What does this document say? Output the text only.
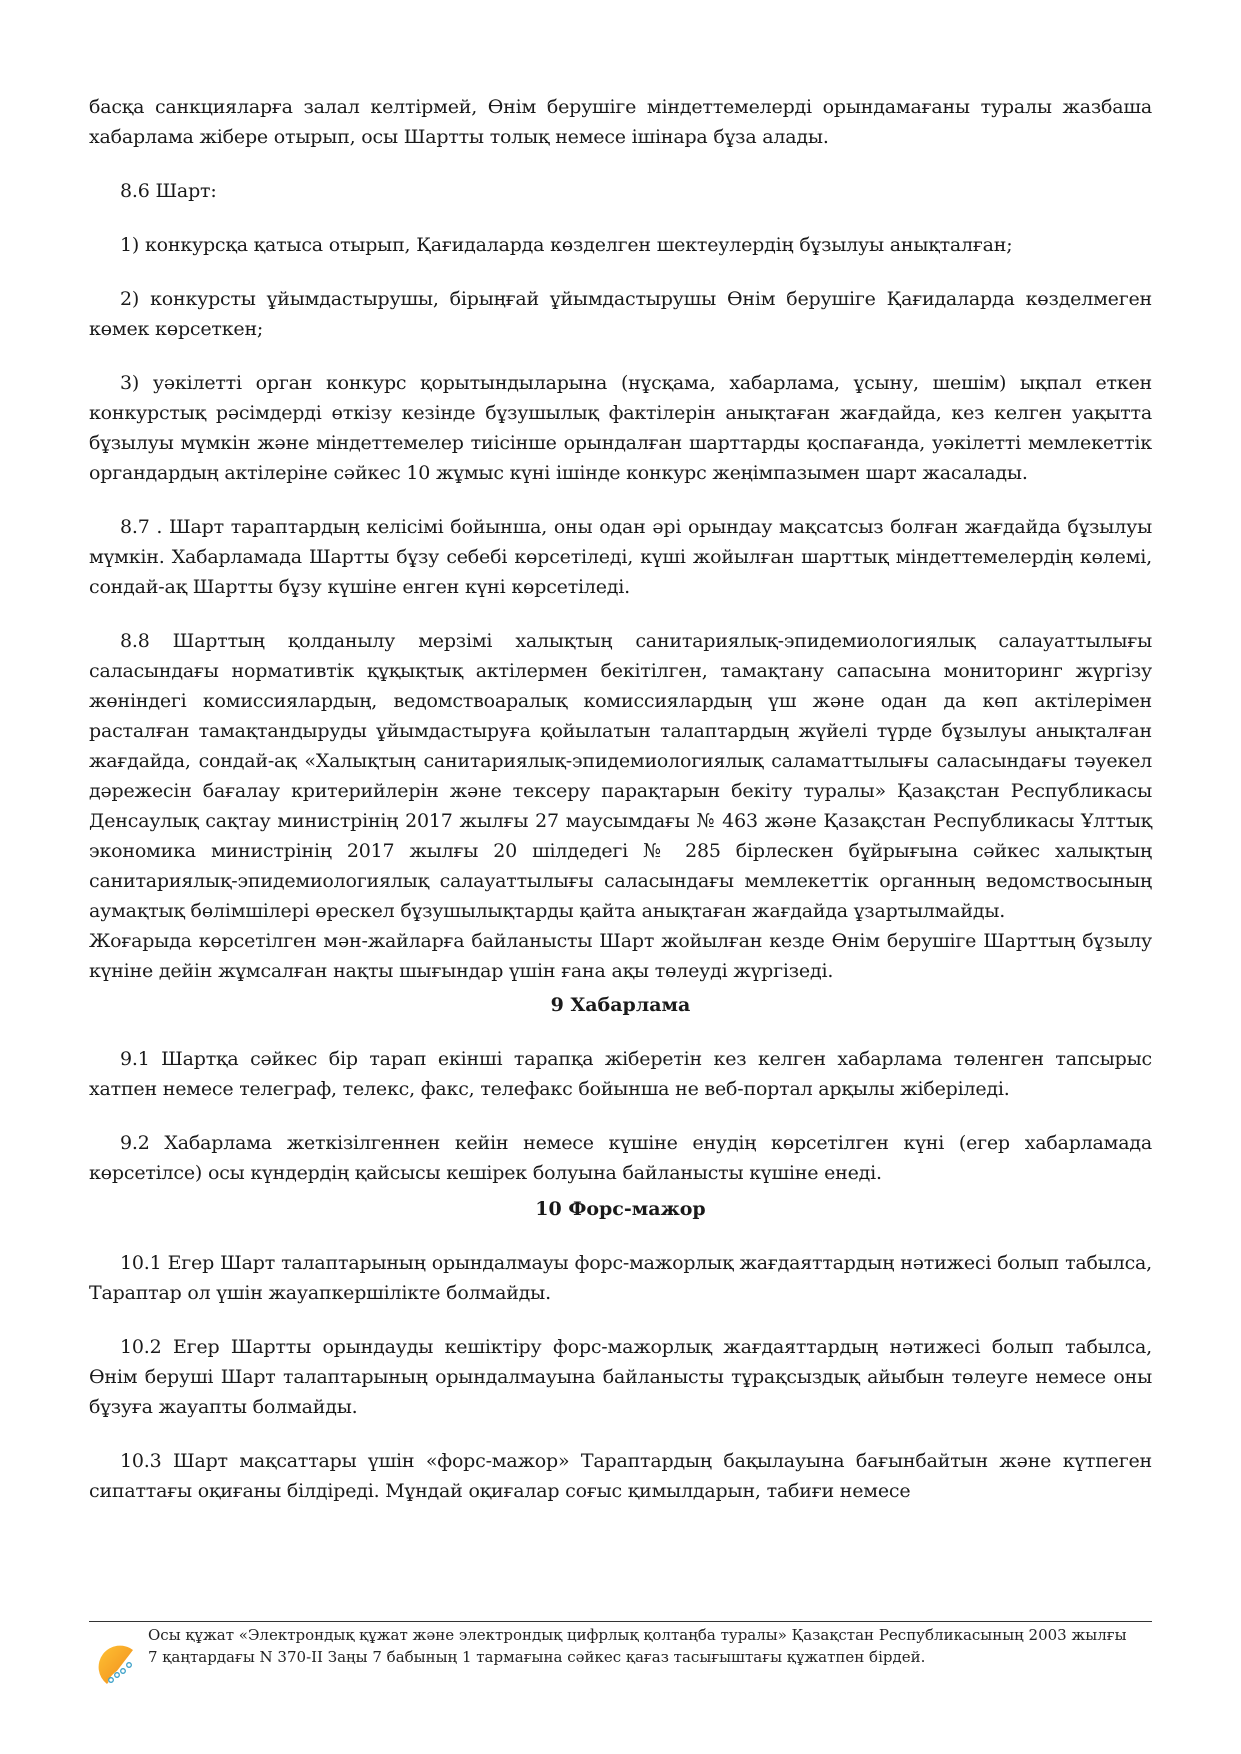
басқа санкцияларға залал келтірмей, Өнім берушіге міндеттемелерді орындамағаны туралы жазбаша хабарлама жібере отырып, осы Шартты толық немесе ішінара бұза алады.

8.6 Шарт:

1) конкурсқа қатыса отырып, Қағидаларда көзделген шектеулердің бұзылуы анықталған;

2) конкурсты ұйымдастырушы, бірыңғай ұйымдастырушы Өнім берушіге Қағидаларда көзделмеген көмек көрсеткен;

3) уәкілетті орган конкурс қорытындыларына (нұсқама, хабарлама, ұсыну, шешім) ықпал еткен конкурстық рәсімдерді өткізу кезінде бұзушылық фактілерін анықтаған жағдайда, кез келген уақытта бұзылуы мүмкін және міндеттемелер тиісінше орындалған шарттарды қоспағанда, уәкілетті мемлекеттік органдардың актілеріне сәйкес 10 жұмыс күні ішінде конкурс жеңімпазымен шарт жасалады.

8.7 . Шарт тараптардың келісімі бойынша, оны одан әрі орындау мақсатсыз болған жағдайда бұзылуы мүмкін. Хабарламада Шартты бұзу себебі көрсетіледі, күші жойылған шарттық міндеттемелердің көлемі, сондай-ақ Шартты бұзу күшіне енген күні көрсетіледі.

8.8 Шарттың қолданылу мерзімі халықтың санитариялық-эпидемиологиялық салауаттылығы саласындағы нормативтік құқықтық актілермен бекітілген, тамақтану сапасына мониторинг жүргізу жөніндегі комиссиялардың, ведомствоаралық комиссиялардың үш және одан да көп актілерімен расталған тамақтандыруды ұйымдастыруға қойылатын талаптардың жүйелі түрде бұзылуы анықталған жағдайда, сондай-ақ «Халықтың санитариялық-эпидемиологиялық саламаттылығы саласындағы тәуекел дәрежесін бағалау критерийлерін және тексеру парақтарын бекіту туралы» Қазақстан Республикасы Денсаулық сақтау министрінің 2017 жылғы 27 маусымдағы № 463 және Қазақстан Республикасы Ұлттық экономика министрінің 2017 жылғы 20 шілдедегі № 285 бірлескен бұйрығына сәйкес халықтың санитариялық-эпидемиологиялық салауаттылығы саласындағы мемлекеттік органның ведомствосының аумақтық бөлімшілері өрескел бұзушылықтарды қайта анықтаған жағдайда ұзартылмайды.

Жоғарыда көрсетілген мән-жайларға байланысты Шарт жойылған кезде Өнім берушіге Шарттың бұзылу күніне дейін жұмсалған нақты шығындар үшін ғана ақы төлеуді жүргізеді.

9 Хабарлама

9.1 Шартқа сәйкес бір тарап екінші тарапқа жіберетін кез келген хабарлама төленген тапсырыс хатпен немесе телеграф, телекс, факс, телефакс бойынша не веб-портал арқылы жіберіледі.

9.2 Хабарлама жеткізілгеннен кейін немесе күшіне енудің көрсетілген күні (егер хабарламада көрсетілсе) осы күндердің қайсысы кешірек болуына байланысты күшіне енеді.

10 Форс-мажор

10.1 Егер Шарт талаптарының орындалмауы форс-мажорлық жағдаяттардың нәтижесі болып табылса, Тараптар ол үшін жауапкершілікте болмайды.

10.2 Егер Шартты орындауды кешіктіру форс-мажорлық жағдаяттардың нәтижесі болып табылса, Өнім беруші Шарт талаптарының орындалмауына байланысты тұрақсыздық айыбын төлеуге немесе оны бұзуға жауапты болмайды.

10.3 Шарт мақсаттары үшін «форс-мажор» Тараптардың бақылауына бағынбайтын және күтпеген сипаттағы оқиғаны білдіреді. Мұндай оқиғалар соғыс қимылдарын, табиғи немесе

Осы құжат «Электрондық құжат және электрондық цифрлық қолтаңба туралы» Қазақстан Республикасының 2003 жылғы 7 қаңтардағы N 370-II Заңы 7 бабының 1 тармағына сәйкес қағаз тасығыштағы құжатпен бірдей.
